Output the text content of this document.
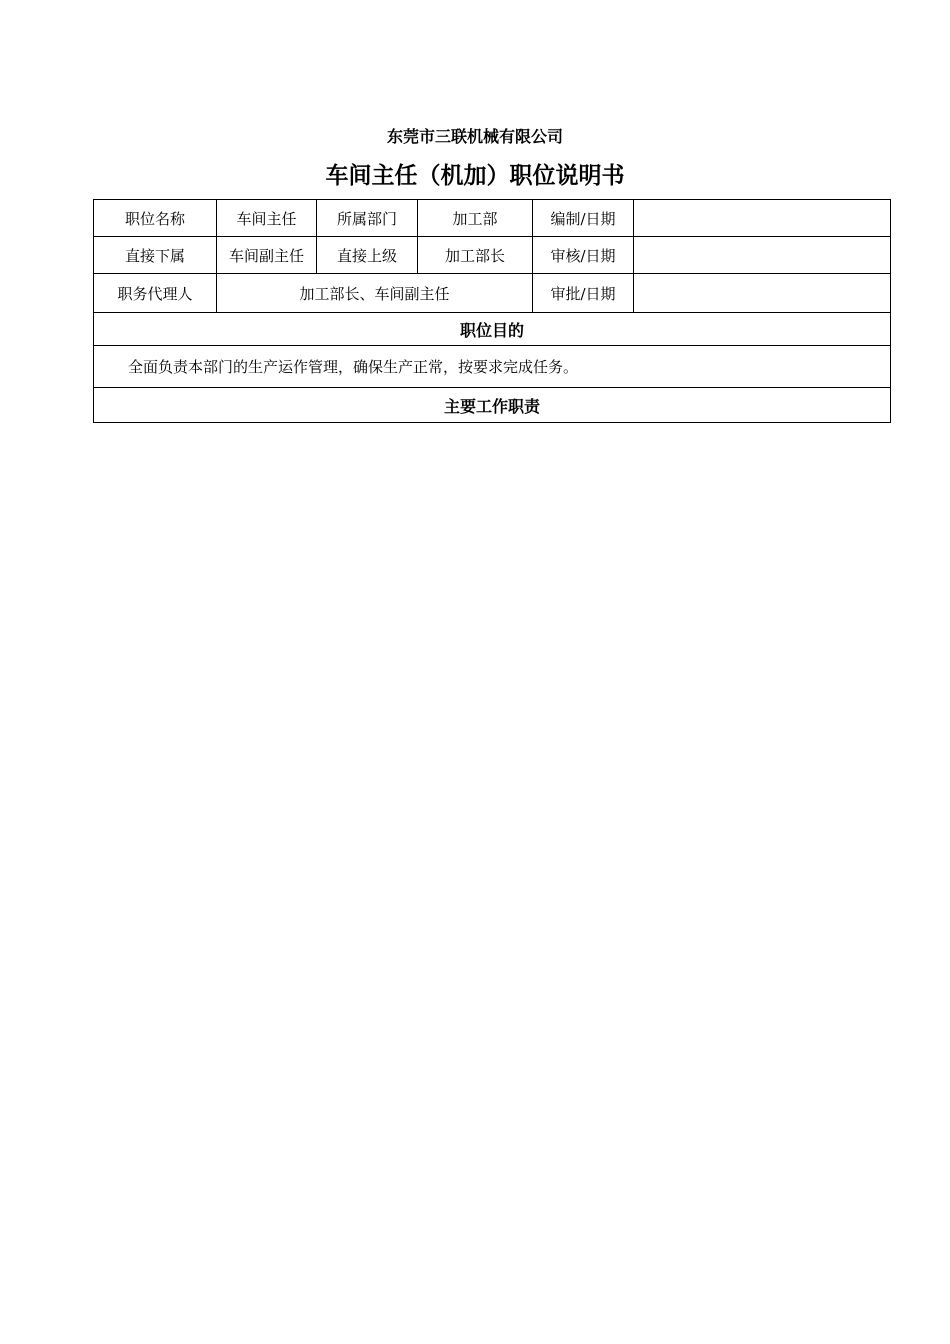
东莞市三联机械有限公司
车间主任（机加）职位说明书
职位名称	车间主任	所属部门	加工部	编制/日期	
直接下属	车间副主任	直接上级	加工部长	审核/日期	
职务代理人	加工部长、车间副主任			审批/日期	
职位目的					
全面负责本部门的生产运作管理，确保生产正常，按要求完成任务。					
主要工作职责					
